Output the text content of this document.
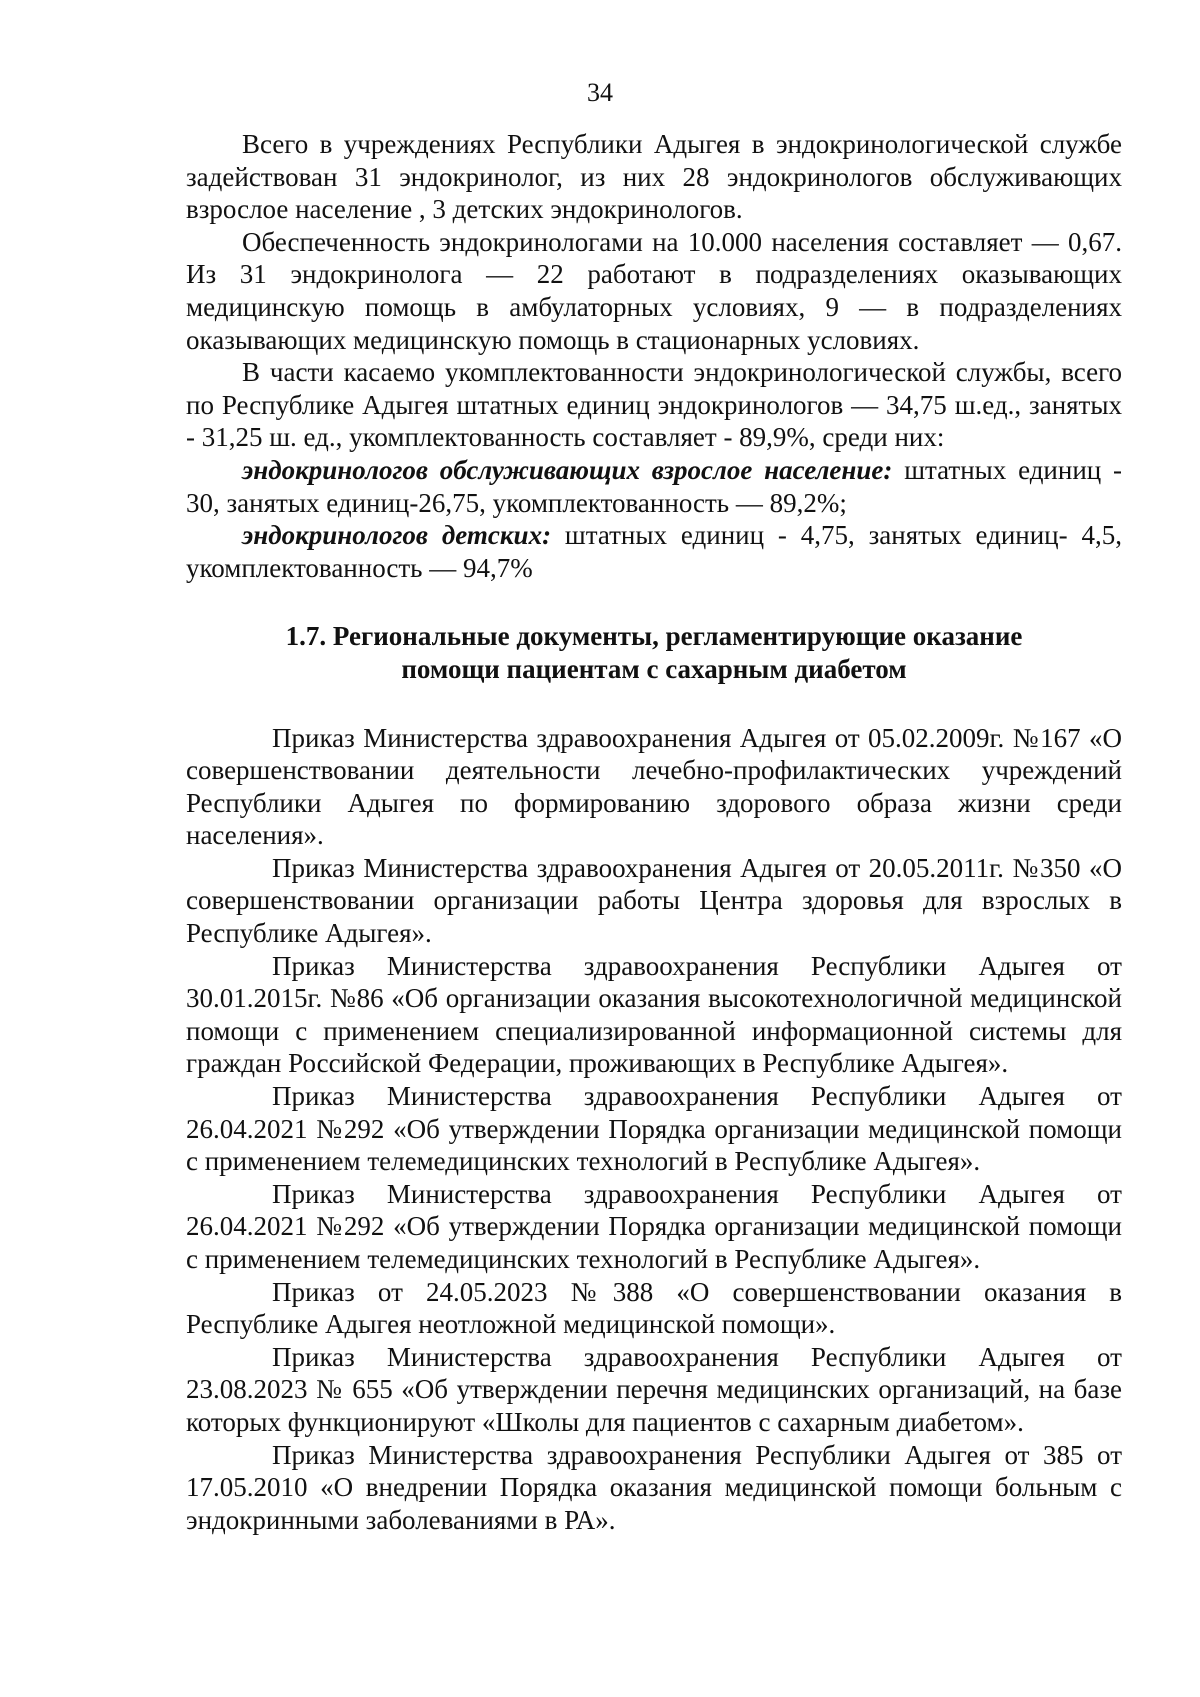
34

Всего в учреждениях Республики Адыгея в эндокринологической службе задействован 31 эндокринолог, из них 28 эндокринологов обслуживающих взрослое население , 3 детских эндокринологов.

Обеспеченность эндокринологами на 10.000 населения составляет — 0,67. Из 31 эндокринолога — 22 работают в подразделениях оказывающих медицинскую помощь в амбулаторных условиях, 9 — в подразделениях оказывающих медицинскую помощь в стационарных условиях.

В части касаемо укомплектованности эндокринологической службы, всего по Республике Адыгея штатных единиц эндокринологов — 34,75 ш.ед., занятых - 31,25 ш. ед., укомплектованность составляет - 89,9%, среди них:

эндокринологов обслуживающих взрослое население: штатных единиц - 30, занятых единиц-26,75, укомплектованность — 89,2%;

эндокринологов детских: штатных единиц - 4,75, занятых единиц- 4,5, укомплектованность — 94,7%

1.7. Региональные документы, регламентирующие оказание
помощи пациентам с сахарным диабетом

Приказ Министерства здравоохранения Адыгея от 05.02.2009г. №167 «О совершенствовании деятельности лечебно-профилактических учреждений Республики Адыгея по формированию здорового образа жизни среди населения».

Приказ Министерства здравоохранения Адыгея от 20.05.2011г. №350 «О совершенствовании организации работы Центра здоровья для взрослых в Республике Адыгея».

Приказ Министерства здравоохранения Республики Адыгея от 30.01.2015г. №86 «Об организации оказания высокотехнологичной медицинской помощи с применением специализированной информационной системы для граждан Российской Федерации, проживающих в Республике Адыгея».

Приказ Министерства здравоохранения Республики Адыгея от 26.04.2021 №292 «Об утверждении Порядка организации медицинской помощи с применением телемедицинских технологий в Республике Адыгея».

Приказ Министерства здравоохранения Республики Адыгея от 26.04.2021 №292 «Об утверждении Порядка организации медицинской помощи с применением телемедицинских технологий в Республике Адыгея».

Приказ от 24.05.2023 №388 «О совершенствовании оказания в Республике Адыгея неотложной медицинской помощи».

Приказ Министерства здравоохранения Республики Адыгея от 23.08.2023 № 655 «Об утверждении перечня медицинских организаций, на базе которых функционируют «Школы для пациентов с сахарным диабетом».

Приказ Министерства здравоохранения Республики Адыгея от 385 от 17.05.2010 «О внедрении Порядка оказания медицинской помощи больным с эндокринными заболеваниями в РА».
